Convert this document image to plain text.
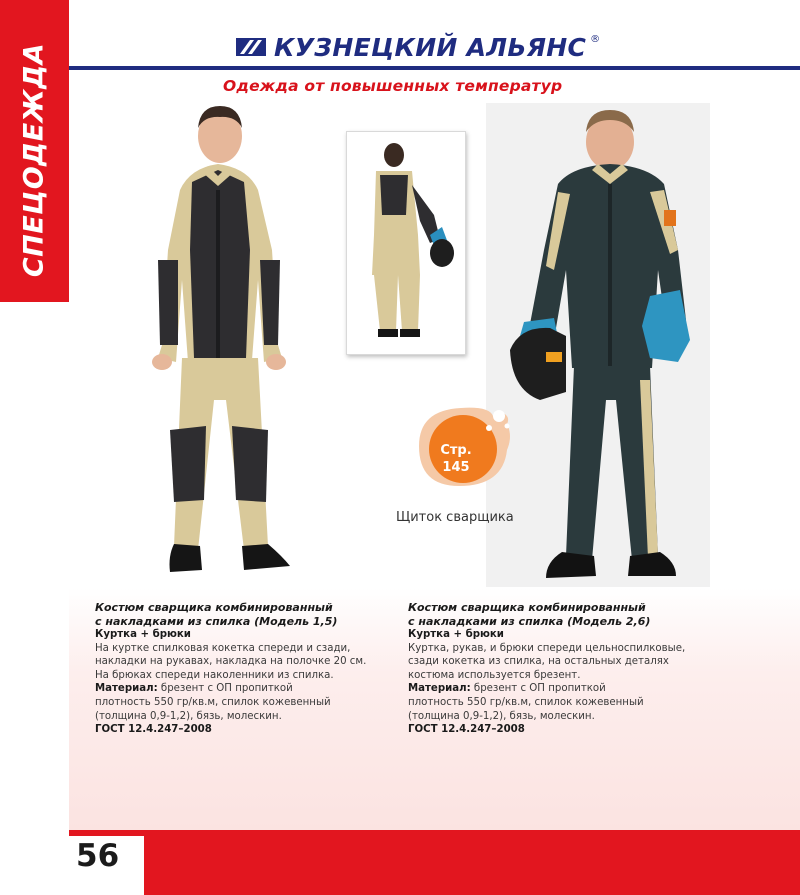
СПЕЦОДЕЖДА	КУЗНЕЦКИЙ АЛЬЯНС ®
Одежда от повышенных температур
Стр.
145
Щиток сварщика
Костюм сварщика комбинированный
с накладками из спилка (Модель 1,5)
Куртка + брюки
На куртке спилковая кокетка спереди и сзади,
накладки на рукавах, накладка на полочке 20 см.
На брюках спереди наколенники из спилка.
Материал: брезент с ОП пропиткой
плотность 550 гр/кв.м, спилок кожевенный
(толщина 0,9-1,2), бязь, молескин.
ГОСТ 12.4.247–2008
Костюм сварщика комбинированный
с накладками из спилка (Модель 2,6)
Куртка + брюки
Куртка, рукав, и брюки спереди цельноспилковые,
сзади кокетка из спилка, на остальных деталях
костюма используется брезент.
Материал: брезент с ОП пропиткой
плотность 550 гр/кв.м, спилок кожевенный
(толщина 0,9-1,2), бязь, молескин.
ГОСТ 12.4.247–2008
56
